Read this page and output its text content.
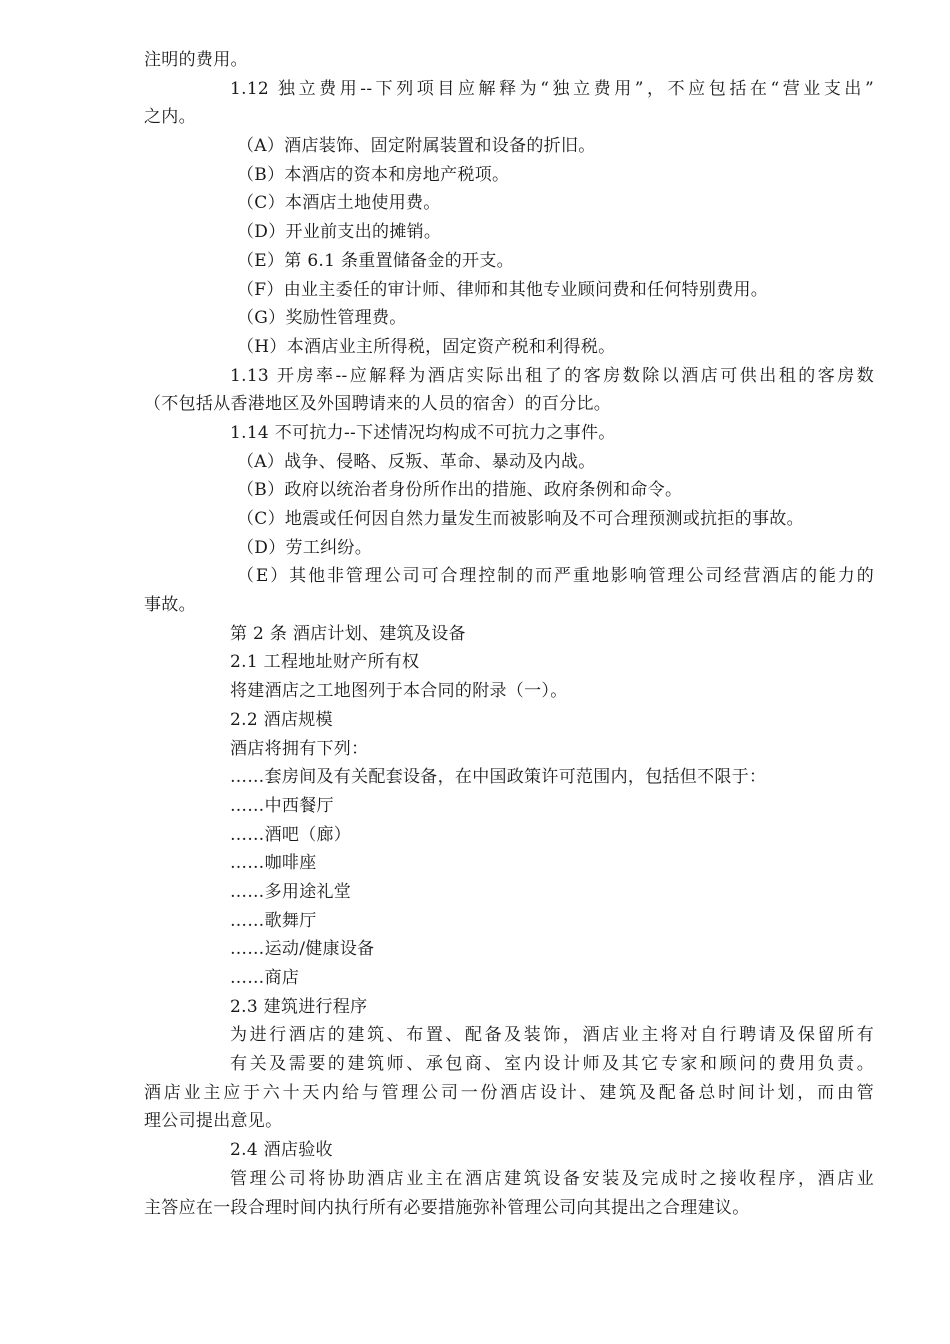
注明的费用。
1.12 独立费用--下列项目应解释为“独立费用”，不应包括在“营业支出”
之内。
（A）酒店装饰、固定附属装置和设备的折旧。
（B）本酒店的资本和房地产税项。
（C）本酒店土地使用费。
（D）开业前支出的摊销。
（E）第 6.1 条重置储备金的开支。
（F）由业主委任的审计师、律师和其他专业顾问费和任何特别费用。
（G）奖励性管理费。
（H）本酒店业主所得税，固定资产税和利得税。
1.13 开房率--应解释为酒店实际出租了的客房数除以酒店可供出租的客房数
（不包括从香港地区及外国聘请来的人员的宿舍）的百分比。
1.14 不可抗力--下述情况均构成不可抗力之事件。
（A）战争、侵略、反叛、革命、暴动及内战。
（B）政府以统治者身份所作出的措施、政府条例和命令。
（C）地震或任何因自然力量发生而被影响及不可合理预测或抗拒的事故。
（D）劳工纠纷。
（E）其他非管理公司可合理控制的而严重地影响管理公司经营酒店的能力的
事故。
第 2 条 酒店计划、建筑及设备
2.1 工程地址财产所有权
将建酒店之工地图列于本合同的附录（一）。
2.2 酒店规模
酒店将拥有下列：
……套房间及有关配套设备，在中国政策许可范围内，包括但不限于：
……中西餐厅
……酒吧（廊）
……咖啡座
……多用途礼堂
……歌舞厅
……运动/健康设备
……商店
2.3 建筑进行程序
为进行酒店的建筑、布置、配备及装饰，酒店业主将对自行聘请及保留所有
有关及需要的建筑师、承包商、室内设计师及其它专家和顾问的费用负责。
酒店业主应于六十天内给与管理公司一份酒店设计、建筑及配备总时间计划，而由管
理公司提出意见。
2.4 酒店验收
管理公司将协助酒店业主在酒店建筑设备安装及完成时之接收程序，酒店业
主答应在一段合理时间内执行所有必要措施弥补管理公司向其提出之合理建议。
